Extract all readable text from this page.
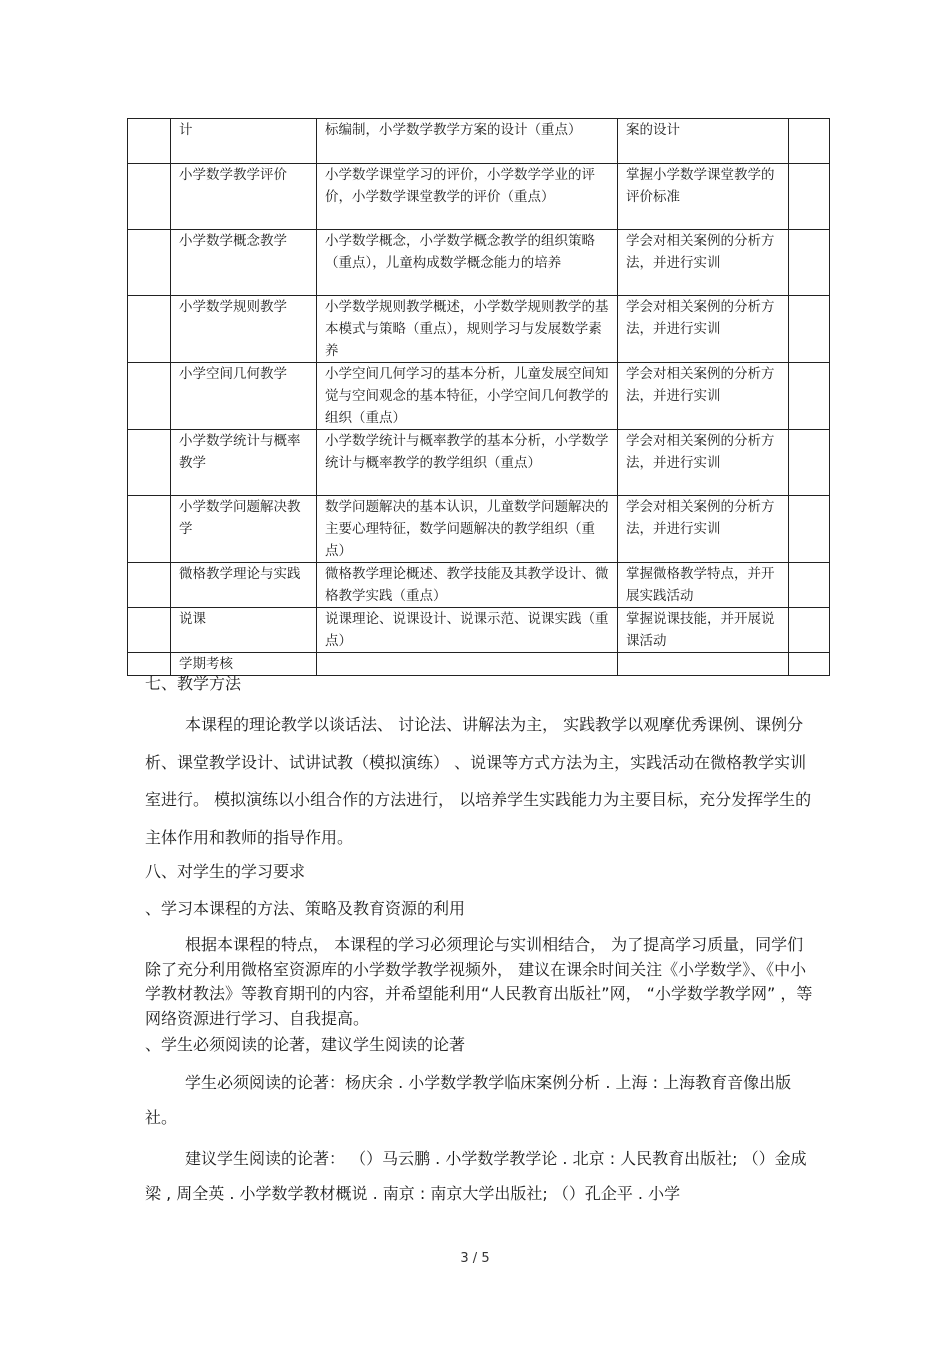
	计	标编制，小学数学教学方案的设计（重点）	案的设计	
	小学数学教学评价	小学数学课堂学习的评价，小学数学学业的评价，小学数学课堂教学的评价（重点）	掌握小学数学课堂教学的评价标准	
	小学数学概念教学	小学数学概念，小学数学概念教学的组织策略（重点），儿童构成数学概念能力的培养	学会对相关案例的分析方法，并进行实训	
	小学数学规则教学	小学数学规则教学概述，小学数学规则教学的基本模式与策略（重点），规则学习与发展数学素养	学会对相关案例的分析方法，并进行实训	
	小学空间几何教学	小学空间几何学习的基本分析，儿童发展空间知觉与空间观念的基本特征，小学空间几何教学的组织（重点）	学会对相关案例的分析方法，并进行实训	
	小学数学统计与概率教学	小学数学统计与概率教学的基本分析，小学数学统计与概率教学的教学组织（重点）	学会对相关案例的分析方法，并进行实训	
	小学数学问题解决教学	数学问题解决的基本认识，儿童数学问题解决的主要心理特征，数学问题解决的教学组织（重点）	学会对相关案例的分析方法，并进行实训	
	微格教学理论与实践	微格教学理论概述、教学技能及其教学设计、微格教学实践（重点）	掌握微格教学特点，并开展实践活动	
	说课	说课理论、说课设计、说课示范、说课实践（重点）	掌握说课技能，并开展说课活动	
	学期考核			

七、教学方法

本课程的理论教学以谈话法、 讨论法、讲解法为主， 实践教学以观摩优秀课例、课例分析、课堂教学设计、试讲试教（模拟演练） 、说课等方式方法为主，实践活动在微格教学实训室进行。 模拟演练以小组合作的方法进行， 以培养学生实践能力为主要目标，充分发挥学生的主体作用和教师的指导作用。

八、对学生的学习要求

、学习本课程的方法、策略及教育资源的利用

根据本课程的特点， 本课程的学习必须理论与实训相结合， 为了提高学习质量，同学们除了充分利用微格室资源库的小学数学教学视频外， 建议在课余时间关注《小学数学》、《中小学教材教法》等教育期刊的内容，并希望能利用“人民教育出版社”网， “小学数学教学网” ，等网络资源进行学习、自我提高。

、学生必须阅读的论著，建议学生阅读的论著

学生必须阅读的论著：杨庆余 . 小学数学教学临床案例分析 . 上海 : 上海教育音像出版社。

建议学生阅读的论著： （）马云鹏 . 小学数学教学论 . 北京 : 人民教育出版社; （）金成梁 , 周全英 . 小学数学教材概说 . 南京 : 南京大学出版社; （）孔企平 . 小学

3 / 5
